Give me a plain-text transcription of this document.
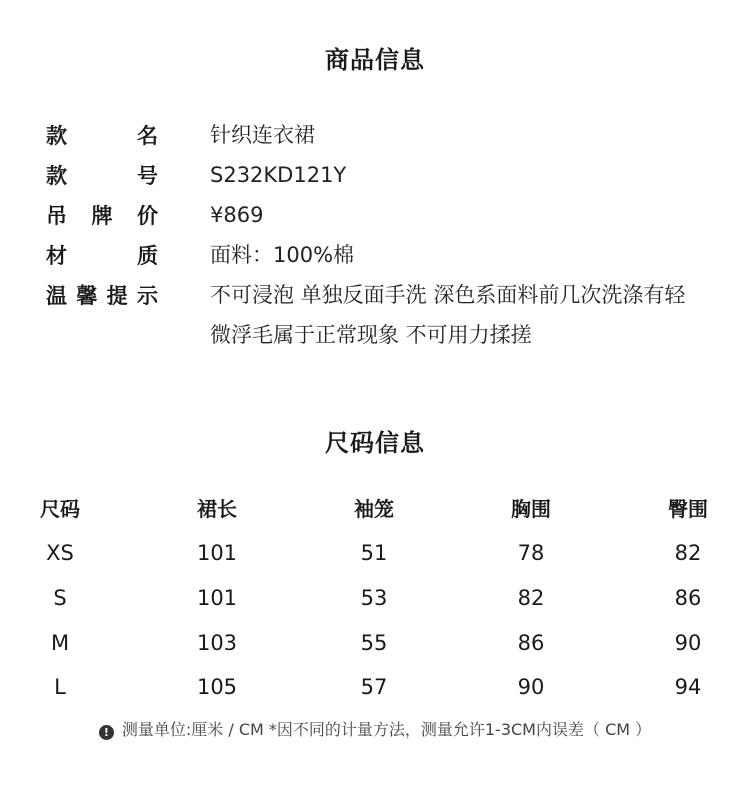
商品信息
款	名 针织连衣裙
款	号 S232KD121Y
吊 牌 价 ¥869
材	质 面料：100%棉
温 馨 提 示 不可浸泡 单独反面手洗 深色系面料前几次洗涤有轻
微浮毛属于正常现象 不可用力揉搓
尺码信息
尺码	裙长	袖笼	胸围	臀围
XS	101	51	78	82
S	101	53	82	86
M	103	55	86	90
L	105	57	90	94
! 测量单位:厘米 / CM *因不同的计量方法，测量允许1-3CM内误差（ CM ）
